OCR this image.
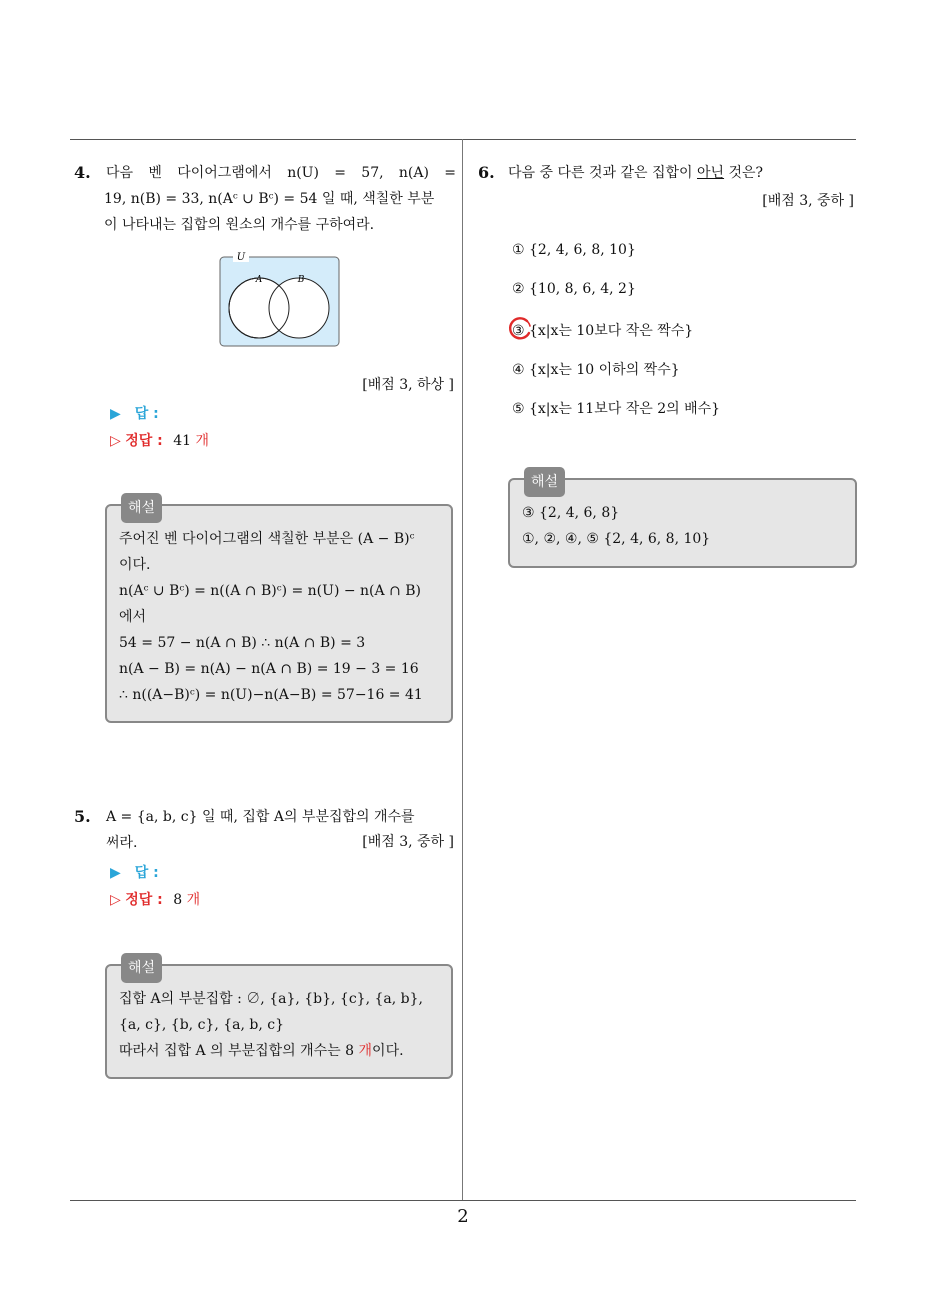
2
4. 다음 벤 다이어그램에서 n(U) = 57, n(A) =
19, n(B) = 33, n(Aᶜ ∪ Bᶜ) = 54 일 때, 색칠한 부분
이 나타내는 집합의 원소의 개수를 구하여라.
U
A	B
[배점 3, 하상 ]
▶ 답 :
▷ 정답 : 41 개
해설
주어진 벤 다이어그램의 색칠한 부분은 (A − B)ᶜ
이다.
n(Aᶜ ∪ Bᶜ) = n((A ∩ B)ᶜ) = n(U) − n(A ∩ B)
에서
54 = 57 − n(A ∩ B) ∴ n(A ∩ B) = 3
n(A − B) = n(A) − n(A ∩ B) = 19 − 3 = 16
∴ n((A−B)ᶜ) = n(U)−n(A−B) = 57−16 = 41
5. A = {a, b, c} 일 때, 집합 A의 부분집합의 개수를
써라.	[배점 3, 중하 ]
▶ 답 :
▷ 정답 : 8 개
해설
집합 A의 부분집합 : ∅, {a}, {b}, {c}, {a, b},
{a, c}, {b, c}, {a, b, c}
따라서 집합 A 의 부분집합의 개수는 8 개이다.
6. 다음 중 다른 것과 같은 집합이 아닌 것은?
[배점 3, 중하 ]
① {2, 4, 6, 8, 10}
② {10, 8, 6, 4, 2}
③ {x|x는 10보다 작은 짝수}
④ {x|x는 10 이하의 짝수}
⑤ {x|x는 11보다 작은 2의 배수}
해설
③ {2, 4, 6, 8}
①, ②, ④, ⑤ {2, 4, 6, 8, 10}
